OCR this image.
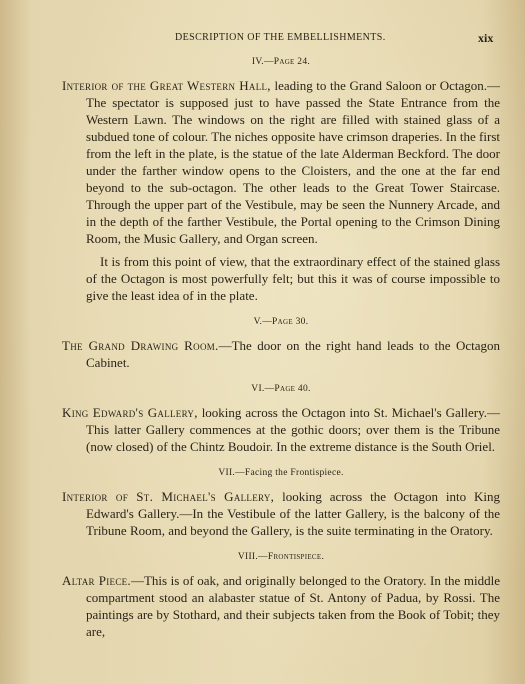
DESCRIPTION OF THE EMBELLISHMENTS.	xix
IV.—Page 24.

Interior of the Great Western Hall, leading to the Grand Saloon or Octagon.—The spectator is supposed just to have passed the State Entrance from the Western Lawn. The windows on the right are filled with stained glass of a subdued tone of colour. The niches opposite have crimson draperies. In the first from the left in the plate, is the statue of the late Alderman Beckford. The door under the farther window opens to the Cloisters, and the one at the far end beyond to the sub-octagon. The other leads to the Great Tower Staircase. Through the upper part of the Vestibule, may be seen the Nunnery Arcade, and in the depth of the farther Vestibule, the Portal opening to the Crimson Dining Room, the Music Gallery, and Organ screen.

It is from this point of view, that the extraordinary effect of the stained glass of the Octagon is most powerfully felt; but this it was of course impossible to give the least idea of in the plate.

V.—Page 30.

The Grand Drawing Room.—The door on the right hand leads to the Octagon Cabinet.

VI.—Page 40.

King Edward's Gallery, looking across the Octagon into St. Michael's Gallery.—This latter Gallery commences at the gothic doors; over them is the Tribune (now closed) of the Chintz Boudoir. In the extreme distance is the South Oriel.

VII.—Facing the Frontispiece.

Interior of St. Michael's Gallery, looking across the Octagon into King Edward's Gallery.—In the Vestibule of the latter Gallery, is the balcony of the Tribune Room, and beyond the Gallery, is the suite terminating in the Oratory.

VIII.—Frontispiece.

Altar Piece.—This is of oak, and originally belonged to the Oratory. In the middle compartment stood an alabaster statue of St. Antony of Padua, by Rossi. The paintings are by Stothard, and their subjects taken from the Book of Tobit; they are,
